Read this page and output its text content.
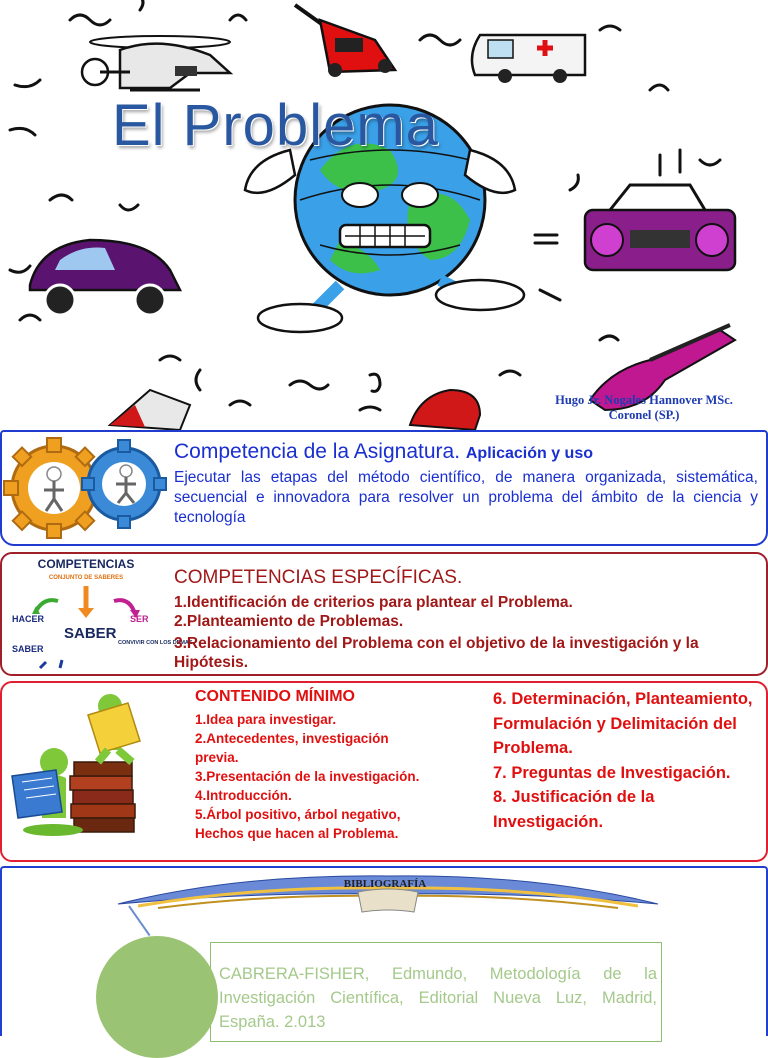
El Problema
Hugo Jr. Nogales Hannover MSc.
Coronel (SP.)
Competencia de la Asignatura. Aplicación y uso
Ejecutar las etapas del método científico, de manera organizada, sistemática, secuencial e innovadora para resolver un problema del ámbito de la ciencia y tecnología
COMPETENCIAS
CONJUNTO DE SABERES
HACER
SABER
SER
SABER
CONVIVIR CON LOS DEMAS
COMPETENCIAS ESPECÍFICAS.
1.Identificación de criterios para plantear el Problema.
2.Planteamiento de Problemas.
3.Relacionamiento del Problema con el objetivo de la investigación y la Hipótesis.
CONTENIDO MÍNIMO
1.Idea para investigar.
2.Antecedentes, investigación previa.
3.Presentación de la investigación.
4.Introducción.
5.Árbol positivo, árbol negativo, Hechos que hacen al Problema.
6. Determinación, Planteamiento, Formulación y Delimitación del Problema.
7. Preguntas de Investigación.
8. Justificación de la Investigación.
BIBLIOGRAFÍA
CABRERA-FISHER, Edmundo, Metodología de la Investigación Científica, Editorial Nueva Luz, Madrid, España. 2.013
